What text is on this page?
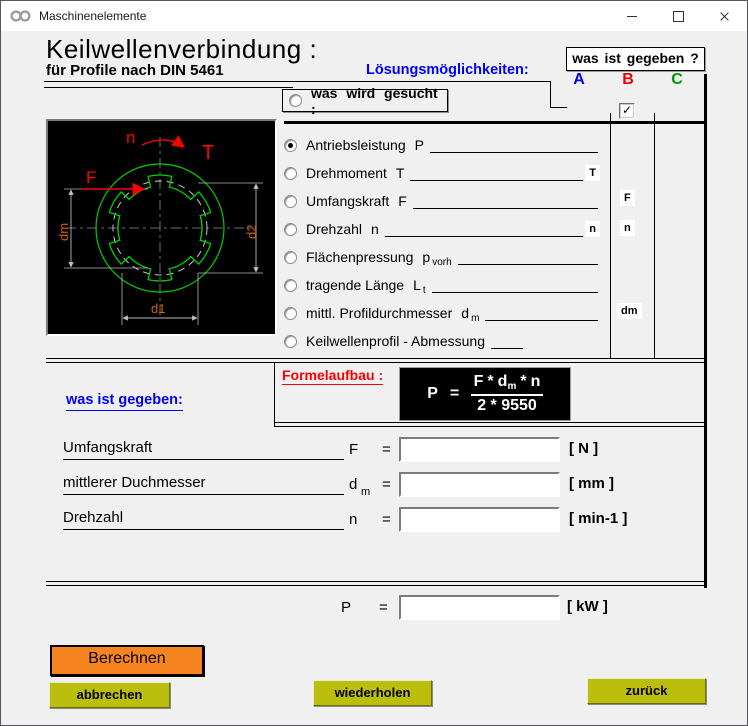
Maschinenelemente
Keilwellenverbindung :
für Profile nach DIN 5461	Lösungsmöglichkeiten:
was ist gegeben ?
A	B	C
✓
was wird gesucht :
dm	d2
d1
F
n
T	Antriebsleistung P
Drehmoment T	T
Umfangskraft F
Drehzahl n	n
Flächenpressung p vorh
tragende Länge L t
mittl. Profildurchmesser d m
Keilwellenprofil - Abmessung
F
n
dm
Formelaufbau :
$P = \frac{F * dm * n}{2 * 9550}$
was ist gegeben:
Umfangskraft	F =	[ N ]
mittlerer Duchmesser	d m =	[ mm ]
Drehzahl	n =	[ min-1 ]
P =	[ kW ]
Berechnen
abbrechen	wiederholen	zurück
